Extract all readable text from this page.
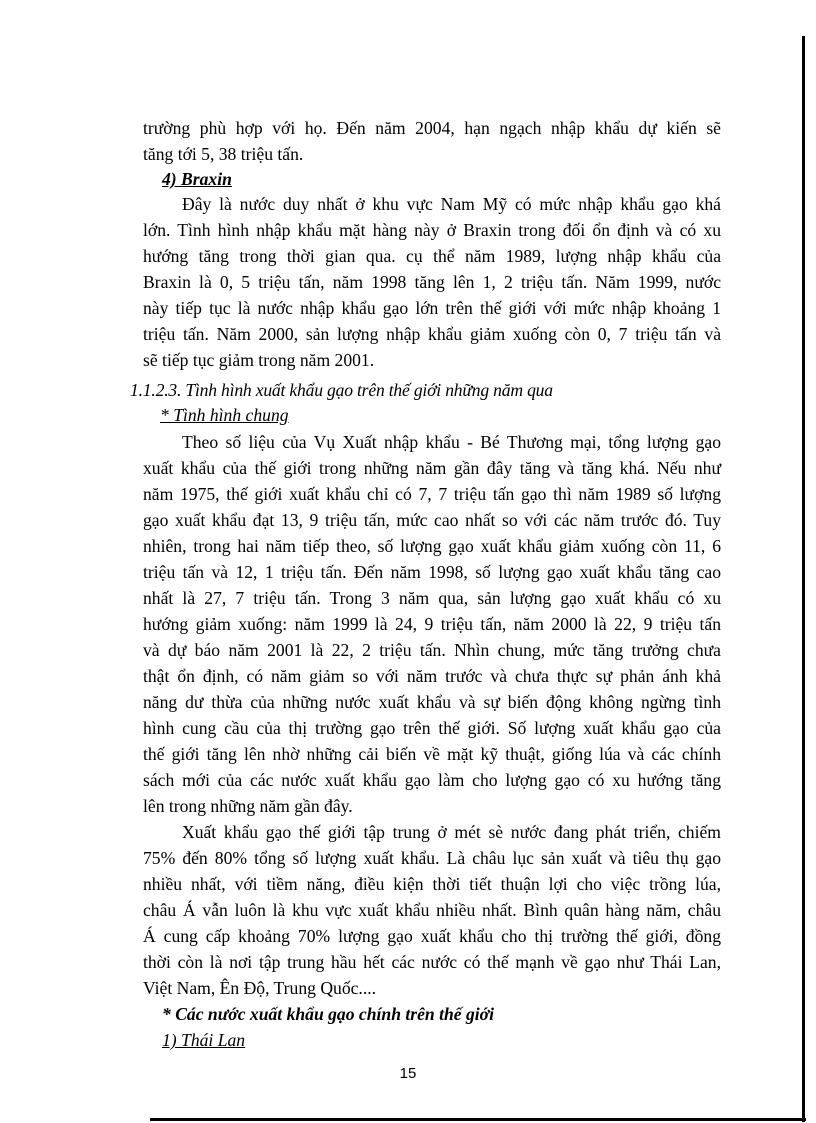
trường phù hợp với họ. Đến năm 2004, hạn ngạch nhập khẩu dự kiến sẽ
tăng tới 5, 38 triệu tấn.
4) Braxin
Đây là nước duy nhất ở khu vực Nam Mỹ có mức nhập khẩu gạo khá
lớn. Tình hình nhập khẩu mặt hàng này ở Braxin trong đối ổn định và có xu
hướng tăng trong thời gian qua. cụ thể năm 1989, lượng nhập khẩu của
Braxin là 0, 5 triệu tấn, năm 1998 tăng lên 1, 2 triệu tấn. Năm 1999, nước
này tiếp tục là nước nhập khẩu gạo lớn trên thế giới với mức nhập khoảng 1
triệu tấn. Năm 2000, sản lượng nhập khẩu giảm xuống còn 0, 7 triệu tấn và
sẽ tiếp tục giảm trong năm 2001.
1.1.2.3. Tình hình xuất khẩu gạo trên thế giới những năm qua
* Tình hình chung
Theo số liệu của Vụ Xuất nhập khẩu - Bé Thương mại, tổng lượng gạo
xuất khẩu của thế giới trong những năm gần đây tăng và tăng khá. Nếu như
năm 1975, thế giới xuất khẩu chỉ có 7, 7 triệu tấn gạo thì năm 1989 số lượng
gạo xuất khẩu đạt 13, 9 triệu tấn, mức cao nhất so với các năm trước đó. Tuy
nhiên, trong hai năm tiếp theo, số lượng gạo xuất khẩu giảm xuống còn 11, 6
triệu tấn và 12, 1 triệu tấn. Đến năm 1998, số lượng gạo xuất khẩu tăng cao
nhất là 27, 7 triệu tấn. Trong 3 năm qua, sản lượng gạo xuất khẩu có xu
hướng giảm xuống: năm 1999 là 24, 9 triệu tấn, năm 2000 là 22, 9 triệu tấn
và dự báo năm 2001 là 22, 2 triệu tấn. Nhìn chung, mức tăng trưởng chưa
thật ổn định, có năm giảm so với năm trước và chưa thực sự phản ánh khả
năng dư thừa của những nước xuất khẩu và sự biến động không ngừng tình
hình cung cầu của thị trường gạo trên thế giới. Số lượng xuất khẩu gạo của
thế giới tăng lên nhờ những cải biến về mặt kỹ thuật, giống lúa và các chính
sách mới của các nước xuất khẩu gạo làm cho lượng gạo có xu hướng tăng
lên trong những năm gần đây.
Xuất khẩu gạo thế giới tập trung ở mét sè nước đang phát triển, chiếm
75% đến 80% tổng số lượng xuất khẩu. Là châu lục sản xuất và tiêu thụ gạo
nhiều nhất, với tiềm năng, điều kiện thời tiết thuận lợi cho việc trồng lúa,
châu Á vẫn luôn là khu vực xuất khẩu nhiều nhất. Bình quân hàng năm, châu
Á cung cấp khoảng 70% lượng gạo xuất khẩu cho thị trường thế giới, đồng
thời còn là nơi tập trung hầu hết các nước có thế mạnh về gạo như Thái Lan,
Việt Nam, Ên Độ, Trung Quốc....
* Các nước xuất khẩu gạo chính trên thế giới
1) Thái Lan
15
